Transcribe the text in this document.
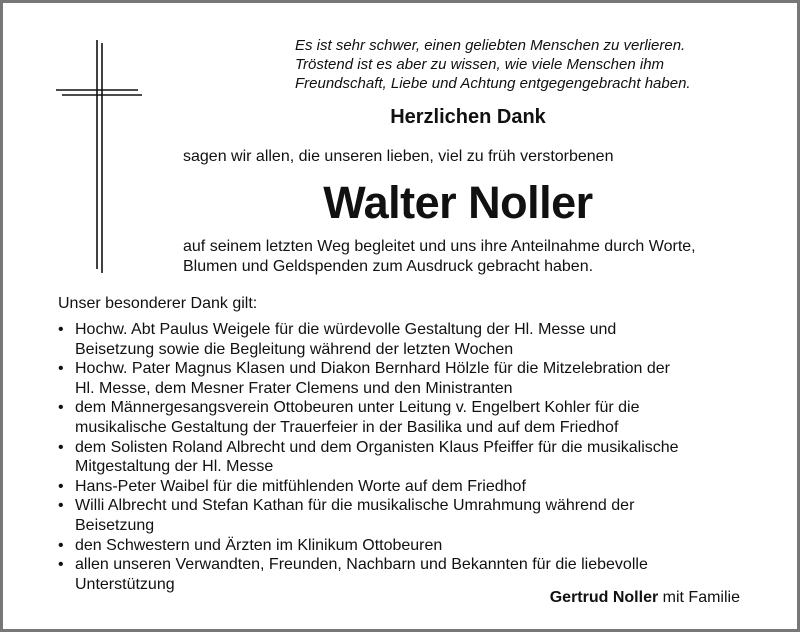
Es ist sehr schwer, einen geliebten Menschen zu verlieren.
Tröstend ist es aber zu wissen, wie viele Menschen ihm
Freundschaft, Liebe und Achtung entgegengebracht haben.

Herzlichen Dank

sagen wir allen, die unseren lieben, viel zu früh verstorbenen

Walter Noller

auf seinem letzten Weg begleitet und uns ihre Anteilnahme durch Worte,
Blumen und Geldspenden zum Ausdruck gebracht haben.

Unser besonderer Dank gilt:

• Hochw. Abt Paulus Weigele für die würdevolle Gestaltung der Hl. Messe und
Beisetzung sowie die Begleitung während der letzten Wochen
• Hochw. Pater Magnus Klasen und Diakon Bernhard Hölzle für die Mitzelebration der
Hl. Messe, dem Mesner Frater Clemens und den Ministranten
• dem Männergesangsverein Ottobeuren unter Leitung v. Engelbert Kohler für die
musikalische Gestaltung der Trauerfeier in der Basilika und auf dem Friedhof
• dem Solisten Roland Albrecht und dem Organisten Klaus Pfeiffer für die musikalische
Mitgestaltung der Hl. Messe
• Hans-Peter Waibel für die mitfühlenden Worte auf dem Friedhof
• Willi Albrecht und Stefan Kathan für die musikalische Umrahmung während der
Beisetzung
• den Schwestern und Ärzten im Klinikum Ottobeuren
• allen unseren Verwandten, Freunden, Nachbarn und Bekannten für die liebevolle
Unterstützung

Gertrud Noller mit Familie
